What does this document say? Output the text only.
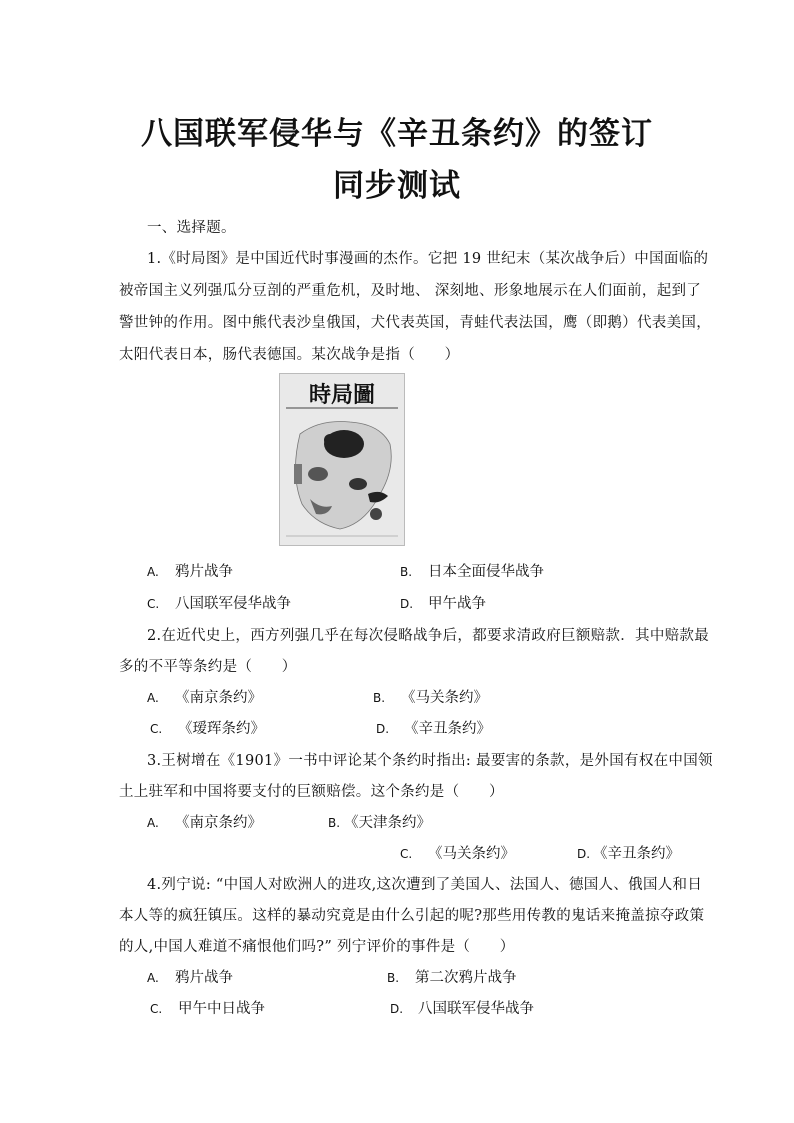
八国联军侵华与《辛丑条约》的签订
同步测试
一、选择题。
1.《时局图》是中国近代时事漫画的杰作。它把 19 世纪末（某次战争后）中国面临的
被帝国主义列强瓜分豆剖的严重危机，及时地、 深刻地、形象地展示在人们面前，起到了
警世钟的作用。图中熊代表沙皇俄国，犬代表英国，青蛙代表法国，鹰（即鹅）代表美国，
太阳代表日本，肠代表德国。某次战争是指（　　）
時局圖
A. 鸦片战争	B. 日本全面侵华战争
C. 八国联军侵华战争	D. 甲午战争
2.在近代史上，西方列强几乎在每次侵略战争后，都要求清政府巨额赔款．其中赔款最
多的不平等条约是（　　）
A. 《南京条约》	B. 《马关条约》
C. 《瑷珲条约》	D. 《辛丑条约》
3.王树增在《1901》一书中评论某个条约时指出: 最要害的条款，是外国有权在中国领
土上驻军和中国将要支付的巨额赔偿。这个条约是（　　）
A. 《南京条约》	B. 《天津条约》
C. 《马关条约》	D. 《辛丑条约》
4.列宁说: “中国人对欧洲人的进攻,这次遭到了美国人、法国人、德国人、俄国人和日
本人等的疯狂镇压。这样的暴动究竟是由什么引起的呢?那些用传教的鬼话来掩盖掠夺政策
的人,中国人难道不痛恨他们吗?” 列宁评价的事件是（　　）
A. 鸦片战争	B. 第二次鸦片战争
C. 甲午中日战争	D. 八国联军侵华战争
